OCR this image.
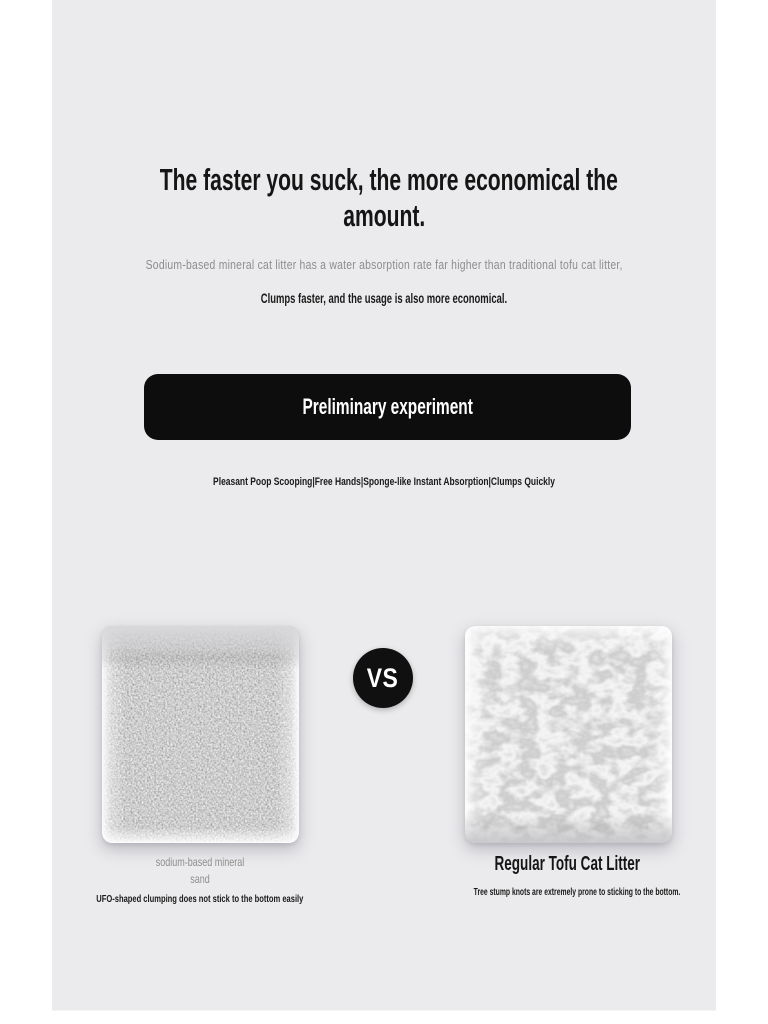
The faster you suck, the more economical the
amount.
Sodium-based mineral cat litter has a water absorption rate far higher than traditional tofu cat litter,
Clumps faster, and the usage is also more economical.
Preliminary experiment
Pleasant Poop Scooping|Free Hands|Sponge-like Instant Absorption|Clumps Quickly
VS
sodium-based mineral
sand
UFO-shaped clumping does not stick to the bottom easily
Regular Tofu Cat Litter
Tree stump knots are extremely prone to sticking to the bottom.
